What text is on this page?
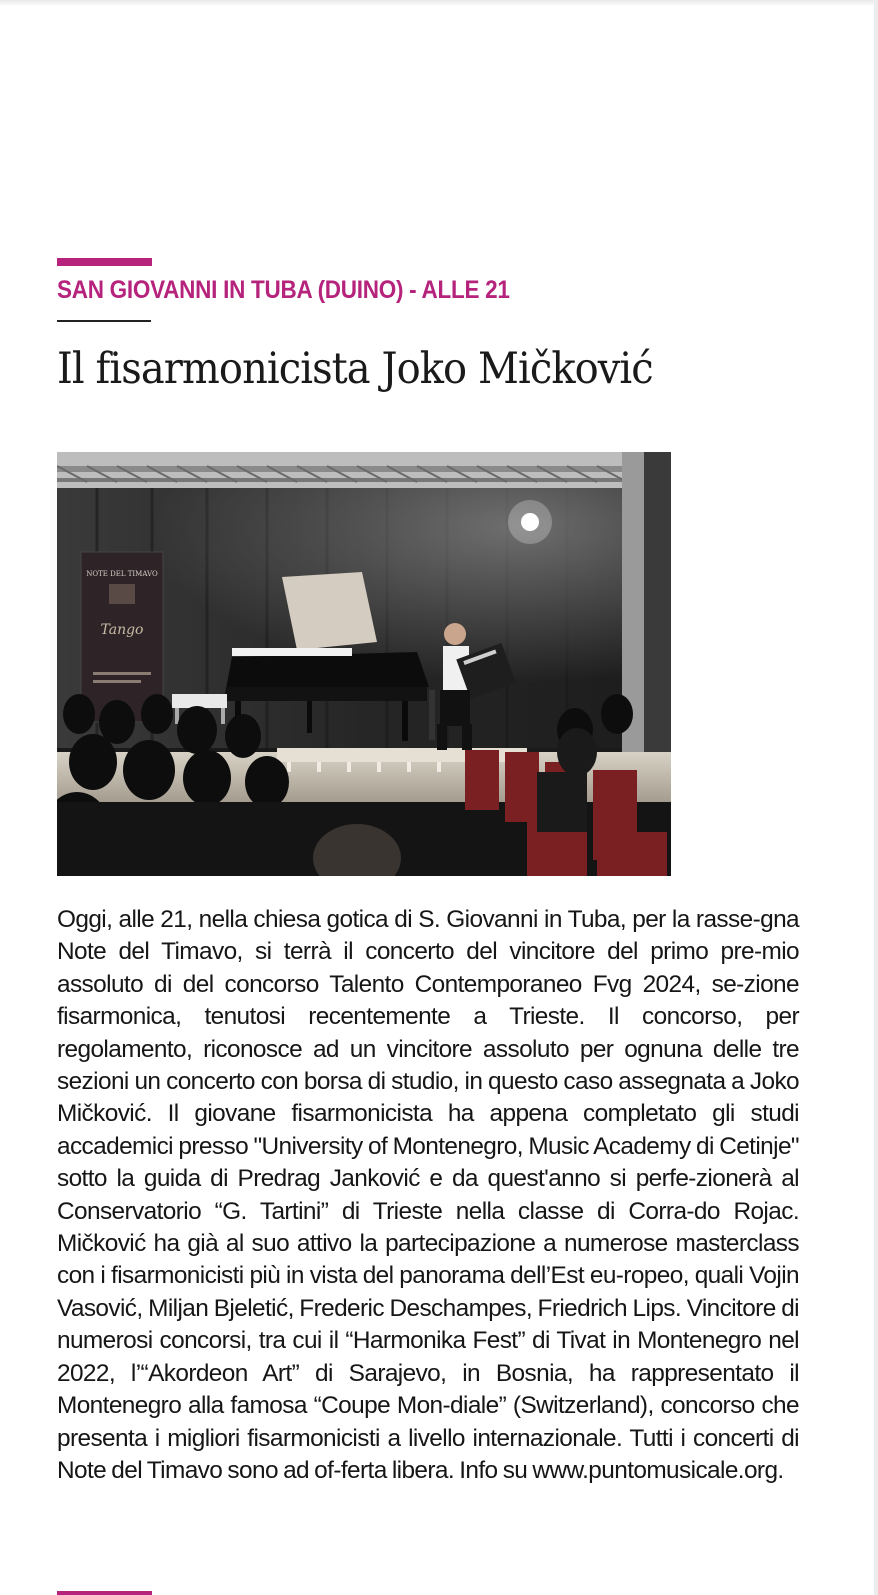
SAN GIOVANNI IN TUBA (DUINO) - ALLE 21
Il fisarmonicista Joko Mičković
NOTE DEL TIMAVO
Tango

Oggi, alle 21, nella chiesa gotica di S. Giovanni in Tuba, per la rasse-gna Note del Timavo, si terrà il concerto del vincitore del primo pre-mio assoluto di del concorso Talento Contemporaneo Fvg 2024, se-zione fisarmonica, tenutosi recentemente a Trieste. Il concorso, per regolamento, riconosce ad un vincitore assoluto per ognuna delle tre sezioni un concerto con borsa di studio, in questo caso assegnata a Joko Mičković. Il giovane fisarmonicista ha appena completato gli studi accademici presso "University of Montenegro, Music Academy di Cetinje" sotto la guida di Predrag Janković e da quest'anno si perfe-zionerà al Conservatorio “G. Tartini” di Trieste nella classe di Corra-do Rojac. Mičković ha già al suo attivo la partecipazione a numerose masterclass con i fisarmonicisti più in vista del panorama dell’Est eu-ropeo, quali Vojin Vasović, Miljan Bjeletić, Frederic Deschampes, Friedrich Lips. Vincitore di numerosi concorsi, tra cui il “Harmonika Fest” di Tivat in Montenegro nel 2022, l’“Akordeon Art” di Sarajevo, in Bosnia, ha rappresentato il Montenegro alla famosa “Coupe Mon-diale” (Switzerland), concorso che presenta i migliori fisarmonicisti a livello internazionale. Tutti i concerti di Note del Timavo sono ad of-ferta libera. Info su www.puntomusicale.org.
